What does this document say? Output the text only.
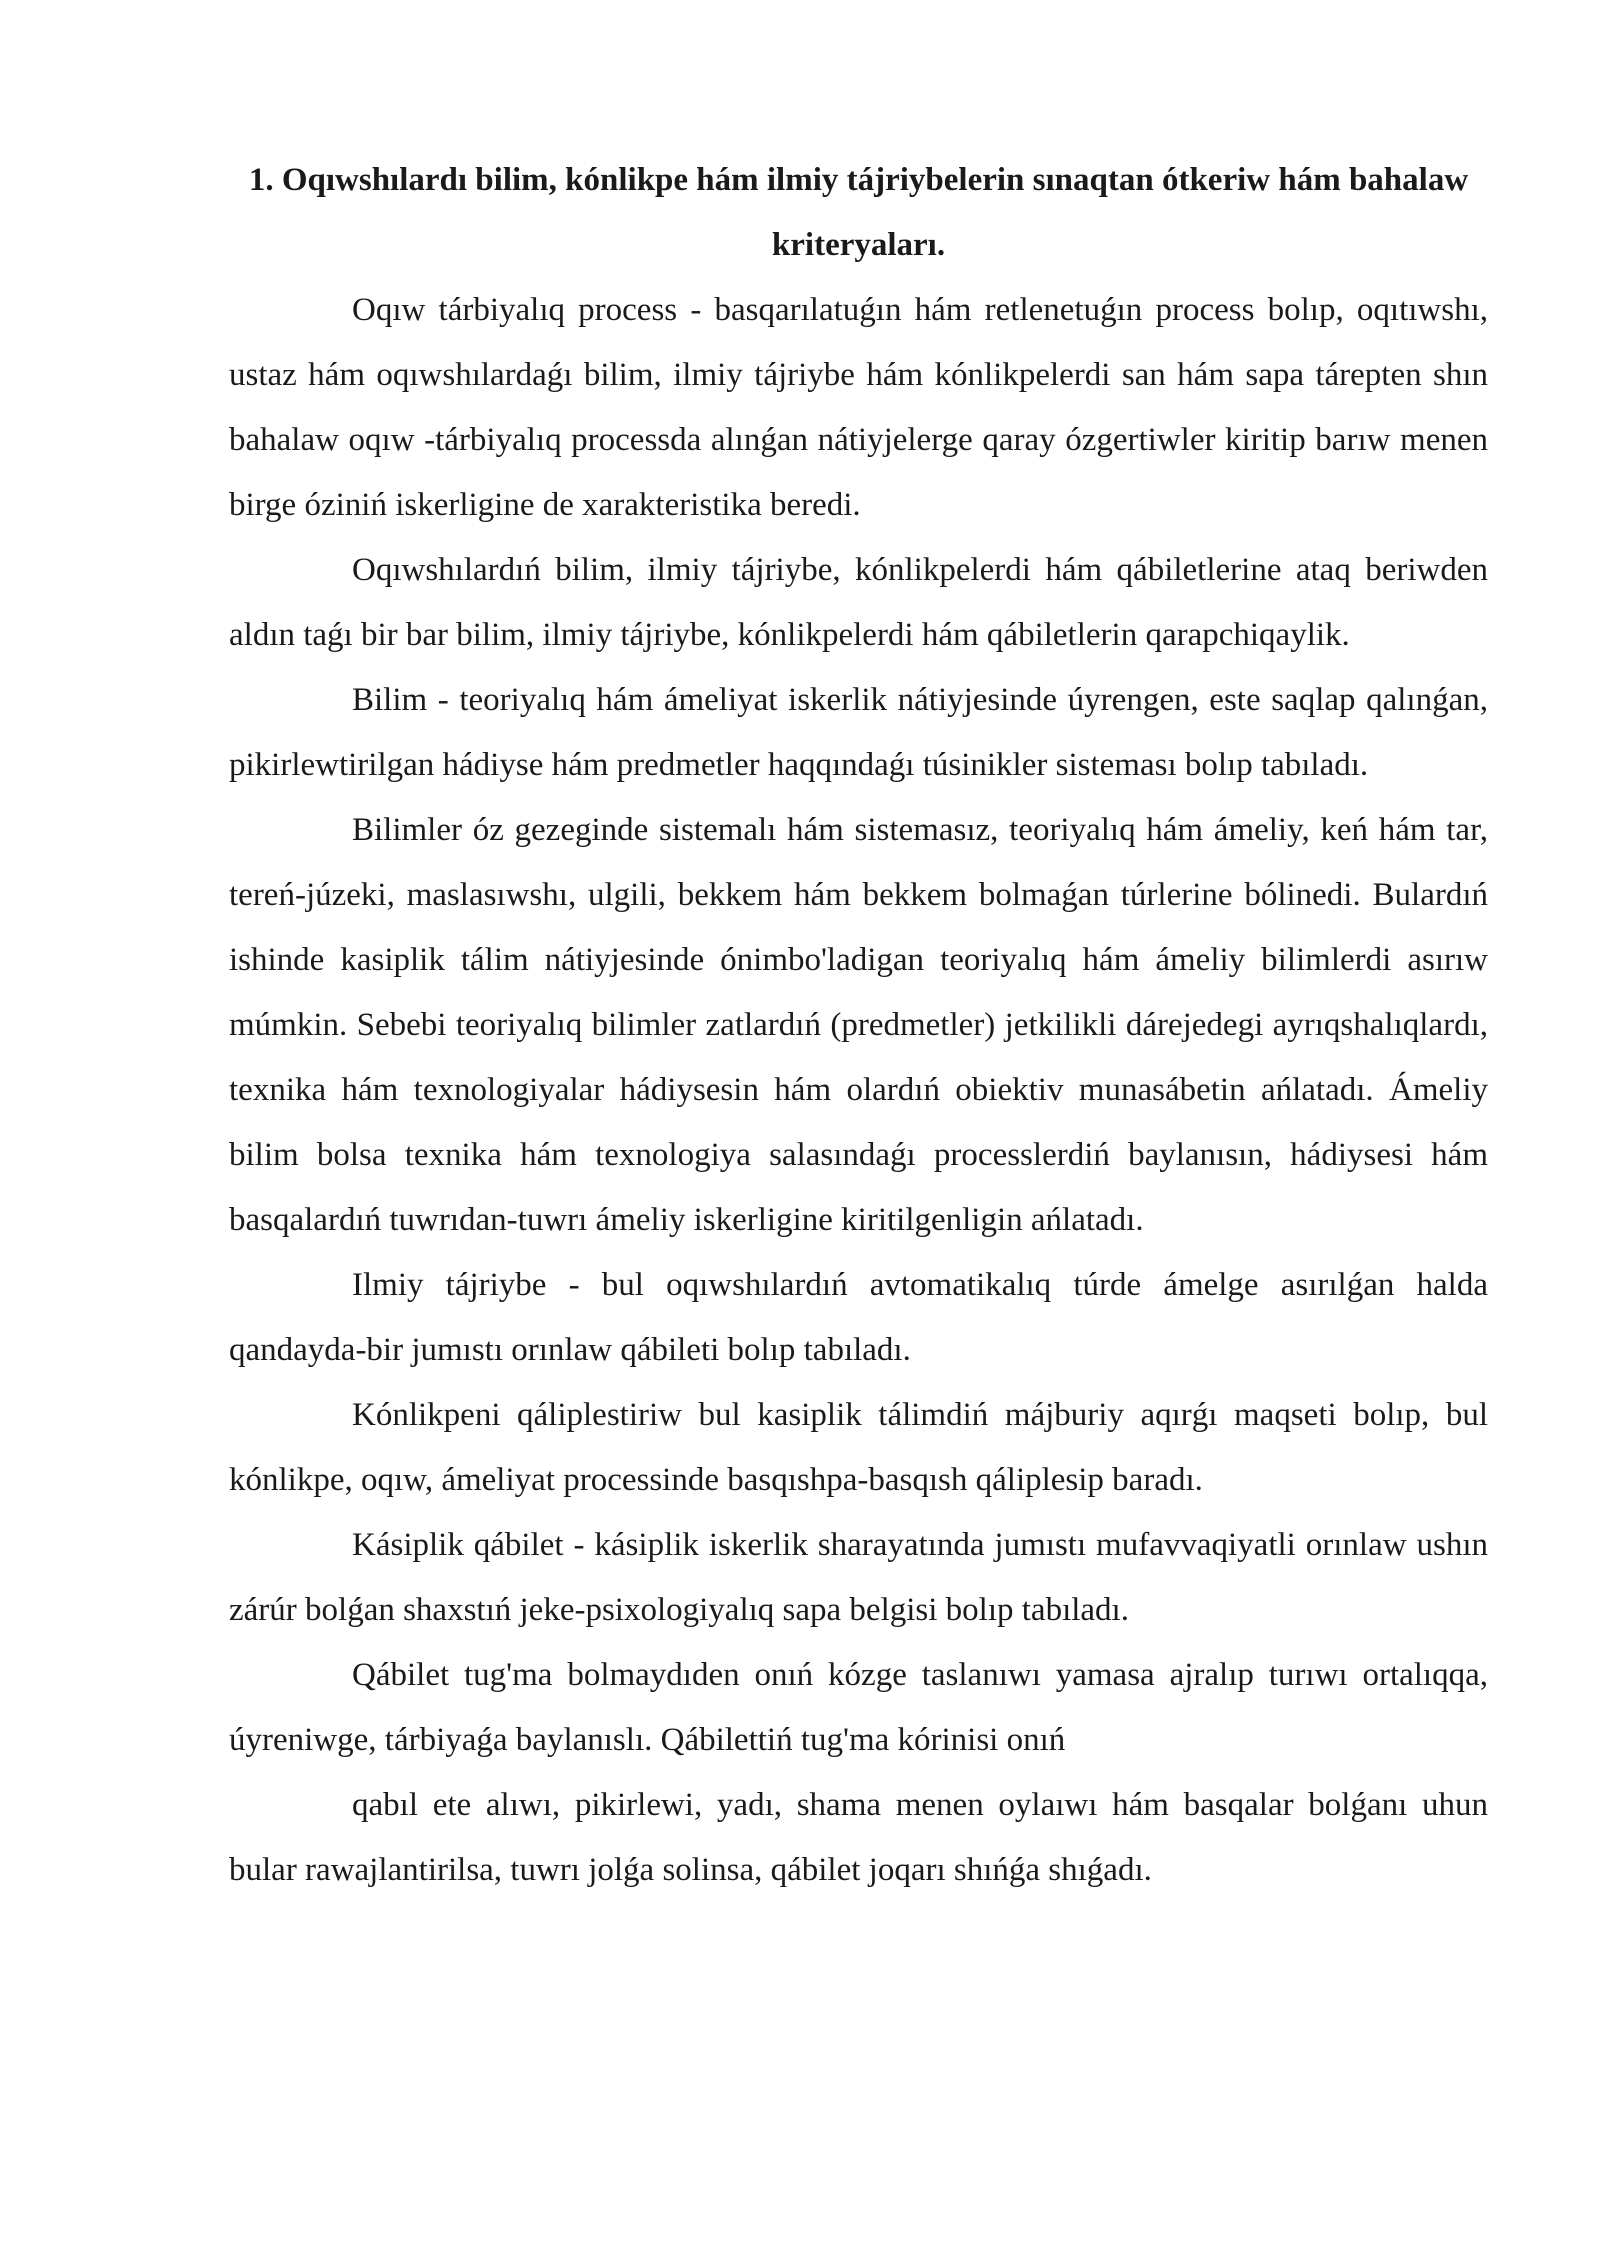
1. Oqıwshılardı bilim, kónlikpe hám ilmiy tájriybelerin sınaqtan ótkeriw hám bahalaw kriteryaları.

Oqıw tárbiyalıq process - basqarılatuǵın hám retlenetuǵın process bolıp, oqıtıwshı, ustaz hám oqıwshılardaǵı bilim, ilmiy tájriybe hám kónlikpelerdi san hám sapa tárepten shın bahalaw oqıw -tárbiyalıq processda alınǵan nátiyjelerge qaray ózgertiwler kiritip barıw menen birge óziniń iskerligine de xarakteristika beredi.

Oqıwshılardıń bilim, ilmiy tájriybe, kónlikpelerdi hám qábiletlerine ataq beriwden aldın taǵı bir bar bilim, ilmiy tájriybe, kónlikpelerdi hám qábiletlerin qarapchiqaylik.

Bilim - teoriyalıq hám ámeliyat iskerlik nátiyjesinde úyrengen, este saqlap qalınǵan, pikirlewtirilgan hádiyse hám predmetler haqqındaǵı túsinikler sisteması bolıp tabıladı.

Bilimler óz gezeginde sistemalı hám sistemasız, teoriyalıq hám ámeliy, keń hám tar, tereń-júzeki, maslasıwshı, ulgili, bekkem hám bekkem bolmaǵan túrlerine bólinedi. Bulardıń ishinde kasiplik tálim nátiyjesinde ónimbo'ladigan teoriyalıq hám ámeliy bilimlerdi asırıw múmkin. Sebebi teoriyalıq bilimler zatlardıń (predmetler) jetkilikli dárejedegi ayrıqshalıqlardı, texnika hám texnologiyalar hádiysesin hám olardıń obiektiv munasábetin ańlatadı. Ámeliy bilim bolsa texnika hám texnologiya salasındaǵı processlerdiń baylanısın, hádiysesi hám basqalardıń tuwrıdan-tuwrı ámeliy iskerligine kiritilgenligin ańlatadı.

Ilmiy tájriybe - bul oqıwshılardıń avtomatikalıq túrde ámelge asırılǵan halda qandayda-bir jumıstı orınlaw qábileti bolıp tabıladı.

Kónlikpeni qáliplestiriw bul kasiplik tálimdiń májburiy aqırǵı maqseti bolıp, bul kónlikpe, oqıw, ámeliyat processinde basqıshpa-basqısh qáliplesip baradı.

Kásiplik qábilet - kásiplik iskerlik sharayatında jumıstı mufavvaqiyatli orınlaw ushın zárúr bolǵan shaxstıń jeke-psixologiyalıq sapa belgisi bolıp tabıladı.

Qábilet tug'ma bolmaydıden onıń kózge taslanıwı yamasa ajralıp turıwı ortalıqqa, úyreniwge, tárbiyaǵa baylanıslı. Qábilettiń tug'ma kórinisi onıń

qabıl ete alıwı, pikirlewi, yadı, shama menen oylaıwı hám basqalar bolǵanı uhun bular rawajlantirilsa, tuwrı jolǵa solinsa, qábilet joqarı shıńǵa shıǵadı.
